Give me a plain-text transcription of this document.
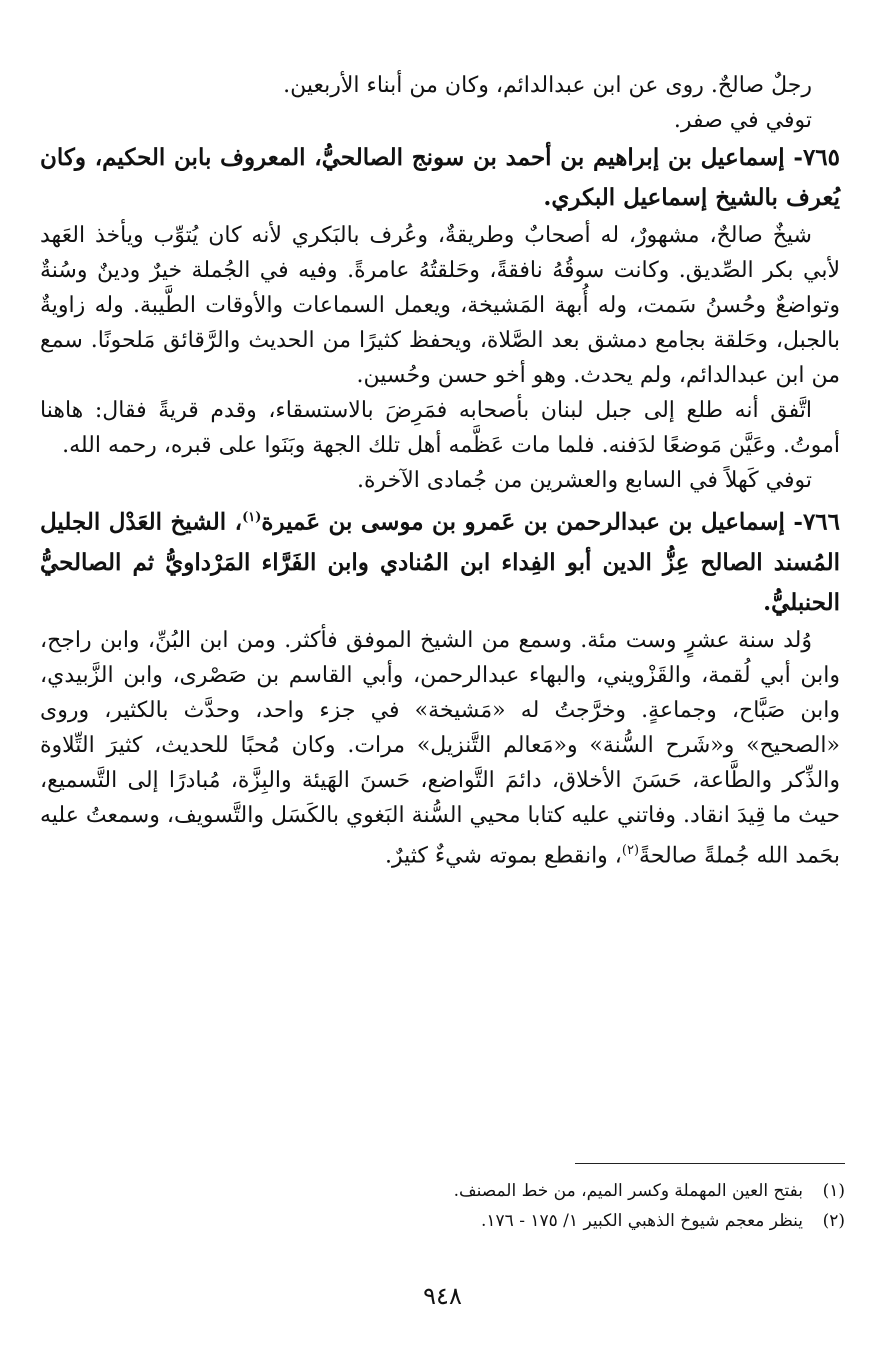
رجلٌ صالحٌ. روى عن ابن عبدالدائم، وكان من أبناء الأربعين.

توفي في صفر.

٧٦٥- إسماعيل بن إبراهيم بن أحمد بن سونج الصالحيُّ، المعروف بابن الحكيم، وكان يُعرف بالشيخ إسماعيل البكري.

شيخٌ صالحٌ، مشهورٌ، له أصحابٌ وطريقةٌ، وعُرف بالبَكري لأنه كان يُتوِّب ويأخذ العَهد لأبي بكر الصِّديق. وكانت سوقُهُ نافقةً، وحَلقتُهُ عامرةً. وفيه في الجُملة خيرٌ ودينٌ وسُنةٌ وتواضعٌ وحُسنُ سَمت، وله أُبهة المَشيخة، ويعمل السماعات والأوقات الطَّيبة. وله زاويةٌ بالجبل، وحَلقة بجامع دمشق بعد الصَّلاة، ويحفظ كثيرًا من الحديث والرَّقائق مَلحونًا. سمع من ابن عبدالدائم، ولم يحدث. وهو أخو حسن وحُسين.

اتَّفق أنه طلع إلى جبل لبنان بأصحابه فمَرِضَ بالاستسقاء، وقدم قريةً فقال: هاهنا أموتُ. وعَيَّن مَوضعًا لدَفنه. فلما مات عَظَّمه أهل تلك الجهة وبَنَوا على قبره، رحمه الله.

توفي كَهلاً في السابع والعشرين من جُمادى الآخرة.

٧٦٦- إسماعيل بن عبدالرحمن بن عَمرو بن موسى بن عَميرة$^{(١)}$، الشيخ العَدْل الجليل المُسند الصالح عِزُّ الدين أبو الفِداء ابن المُنادي وابن الفَرَّاء المَرْداويُّ ثم الصالحيُّ الحنبليُّ.

وُلد سنة عشرٍ وست مئة. وسمع من الشيخ الموفق فأكثر. ومن ابن البُنِّ، وابن راجح، وابن أبي لُقمة، والقَزْويني، والبهاء عبدالرحمن، وأبي القاسم بن صَصْرى، وابن الزَّبيدي، وابن صَبَّاح، وجماعةٍ. وخرَّجتُ له «مَشيخة» في جزء واحد، وحدَّث بالكثير، وروى «الصحيح» و«شَرح السُّنة» و«مَعالم التَّنزيل» مرات. وكان مُحبًا للحديث، كثيرَ التِّلاوة والذِّكر والطَّاعة، حَسَنَ الأخلاق، دائمَ التَّواضع، حَسنَ الهَيئة والبِزَّة، مُبادرًا إلى التَّسميع، حيث ما قِيدَ انقاد. وفاتني عليه كتابا محيي السُّنة البَغوي بالكَسَل والتَّسويف، وسمعتُ عليه بحَمد الله جُملةً صالحةً$^{(٢)}$، وانقطع بموته شيءٌ كثيرٌ.

(١)
بفتح العين المهملة وكسر الميم، من خط المصنف.
(٢)
ينظر معجم شيوخ الذهبي الكبير ١/ ١٧٥ - ١٧٦.
٩٤٨
